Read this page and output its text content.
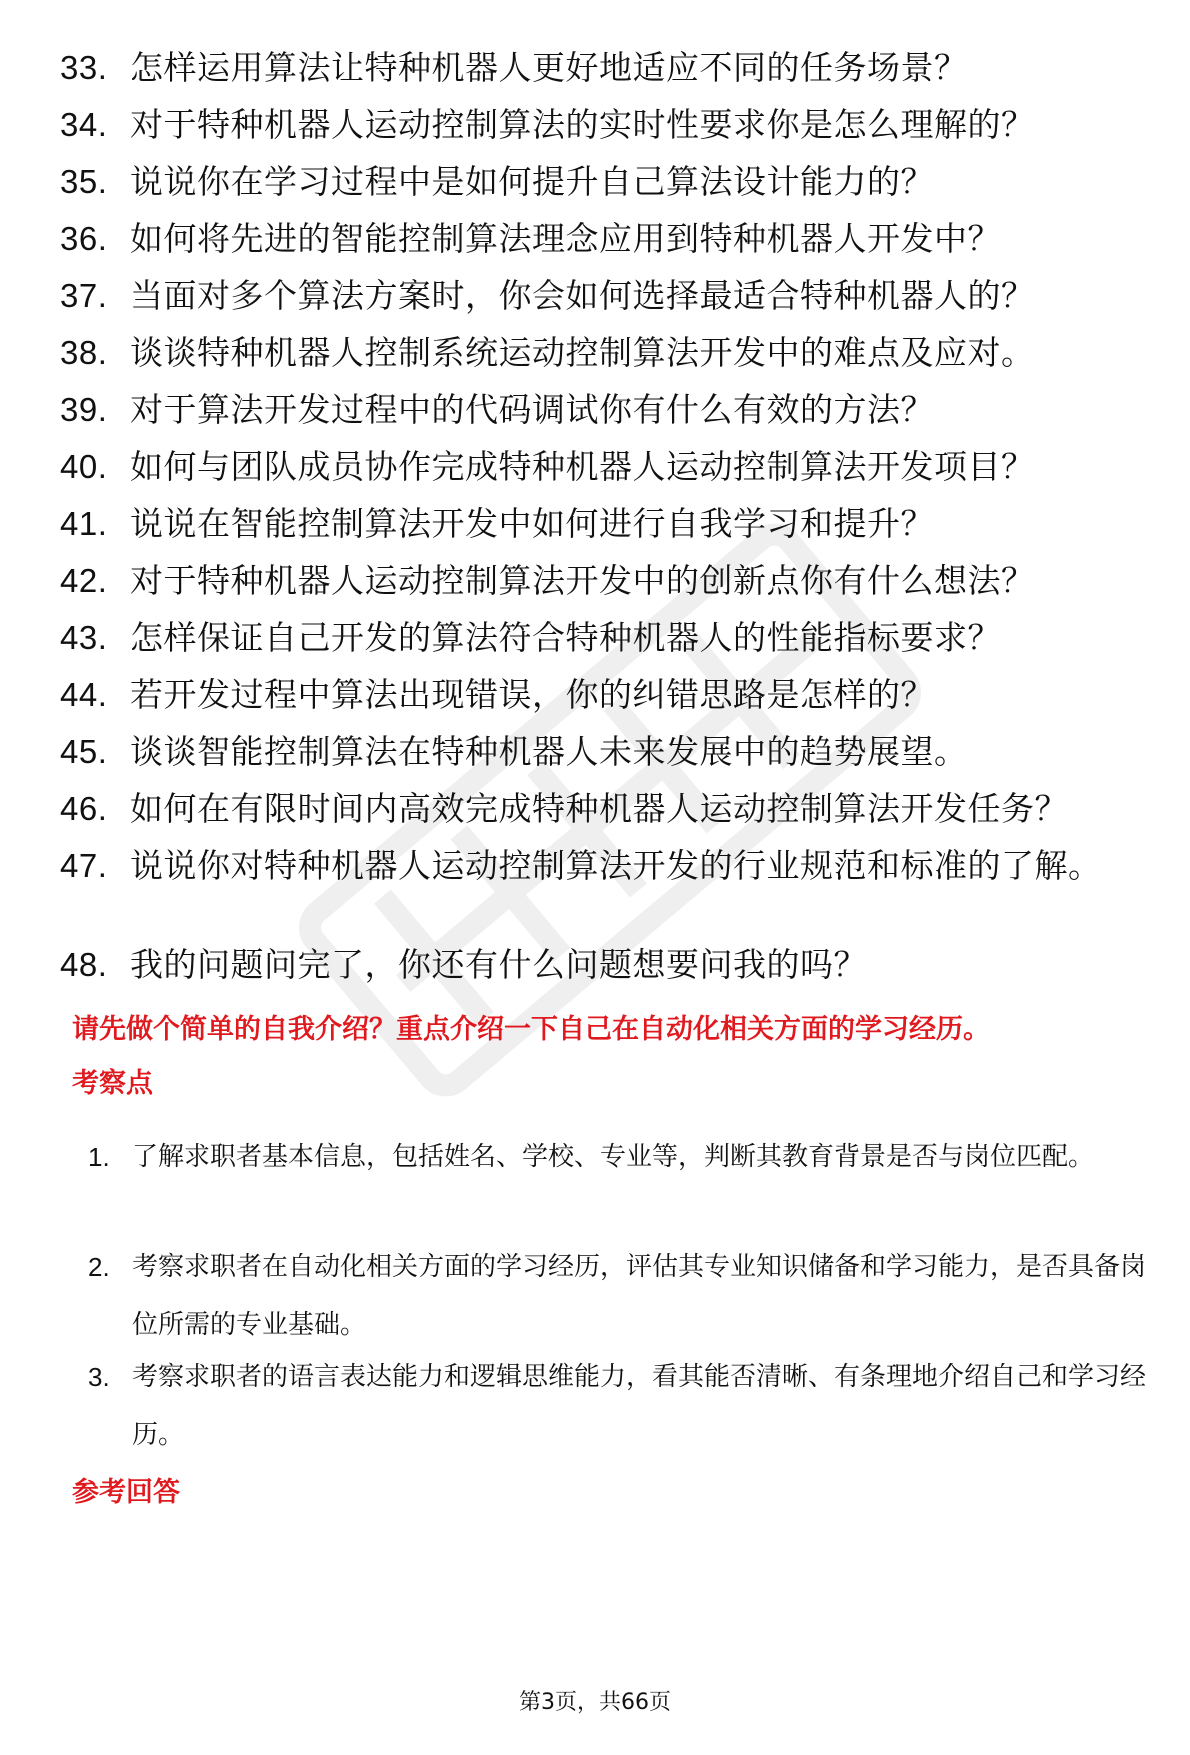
33. 怎样运用算法让特种机器人更好地适应不同的任务场景？
34. 对于特种机器人运动控制算法的实时性要求你是怎么理解的？
35. 说说你在学习过程中是如何提升自己算法设计能力的？
36. 如何将先进的智能控制算法理念应用到特种机器人开发中？
37. 当面对多个算法方案时，你会如何选择最适合特种机器人的？
38. 谈谈特种机器人控制系统运动控制算法开发中的难点及应对。
39. 对于算法开发过程中的代码调试你有什么有效的方法？
40. 如何与团队成员协作完成特种机器人运动控制算法开发项目？
41. 说说在智能控制算法开发中如何进行自我学习和提升？
42. 对于特种机器人运动控制算法开发中的创新点你有什么想法？
43. 怎样保证自己开发的算法符合特种机器人的性能指标要求？
44. 若开发过程中算法出现错误，你的纠错思路是怎样的？
45. 谈谈智能控制算法在特种机器人未来发展中的趋势展望。
46. 如何在有限时间内高效完成特种机器人运动控制算法开发任务？
47. 说说你对特种机器人运动控制算法开发的行业规范和标准的了解。
48. 我的问题问完了，你还有什么问题想要问我的吗？
请先做个简单的自我介绍？重点介绍一下自己在自动化相关方面的学习经历。
考察点
1. 了解求职者基本信息，包括姓名、学校、专业等，判断其教育背景是否与岗位匹配。
2. 考察求职者在自动化相关方面的学习经历，评估其专业知识储备和学习能力，是否具备岗位所需的专业基础。
3. 考察求职者的语言表达能力和逻辑思维能力，看其能否清晰、有条理地介绍自己和学习经历。
参考回答
第3页，共66页
